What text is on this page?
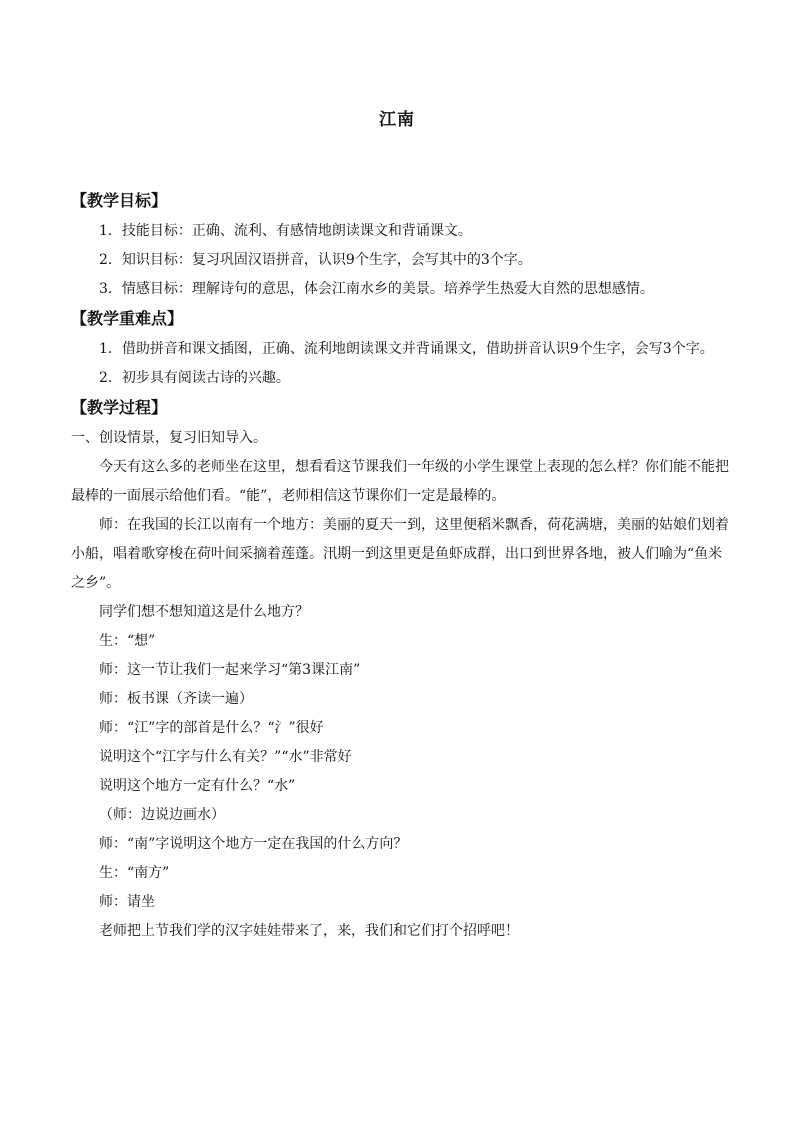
江南
【教学目标】

1．技能目标：正确、流利、有感情地朗读课文和背诵课文。

2．知识目标：复习巩固汉语拼音，认识9个生字，会写其中的3个字。

3．情感目标：理解诗句的意思，体会江南水乡的美景。培养学生热爱大自然的思想感情。

【教学重难点】

1．借助拼音和课文插图，正确、流利地朗读课文并背诵课文，借助拼音认识9个生字，会写3个字。

2．初步具有阅读古诗的兴趣。

【教学过程】

一、创设情景，复习旧知导入。

今天有这么多的老师坐在这里，想看看这节课我们一年级的小学生课堂上表现的怎么样？你们能不能把最棒的一面展示给他们看。“能”，老师相信这节课你们一定是最棒的。

师：在我国的长江以南有一个地方：美丽的夏天一到，这里便稻米飘香，荷花满塘，美丽的姑娘们划着小船，唱着歌穿梭在荷叶间采摘着莲蓬。汛期一到这里更是鱼虾成群，出口到世界各地，被人们喻为“鱼米之乡”。

同学们想不想知道这是什么地方？

生：“想”

师：这一节让我们一起来学习“第3课江南”

师：板书课（齐读一遍）

师：“江”字的部首是什么？“氵”很好

说明这个“江字与什么有关？”“水”非常好

说明这个地方一定有什么？“水”

（师：边说边画水）

师：“南”字说明这个地方一定在我国的什么方向？

生：“南方”

师：请坐

老师把上节我们学的汉字娃娃带来了，来，我们和它们打个招呼吧！
